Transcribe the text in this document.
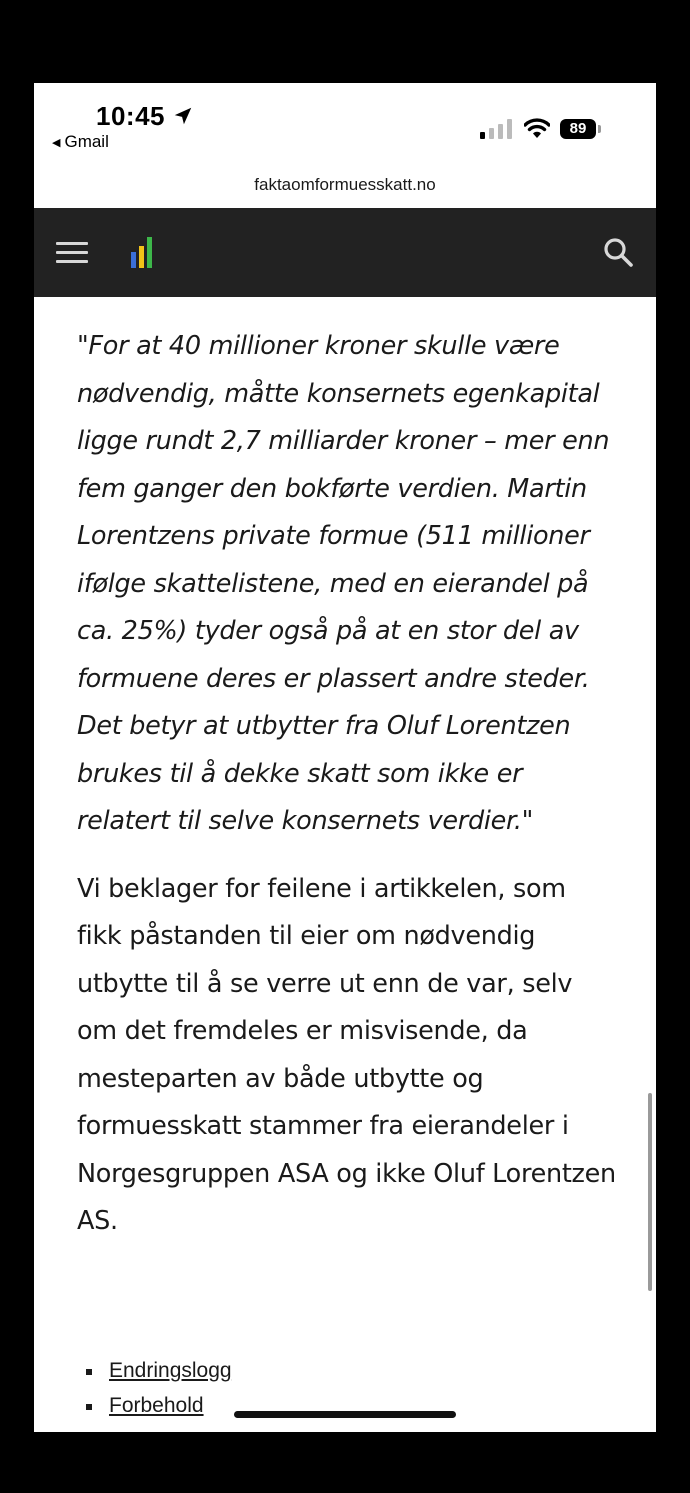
10:45
◀ Gmail
89
faktaomformuesskatt.no

"For at 40 millioner kroner skulle være nødvendig, måtte konsernets egenkapital ligge rundt 2,7 milliarder kroner – mer enn fem ganger den bokførte verdien. Martin Lorentzens private formue (511 millioner ifølge skattelistene, med en eierandel på ca. 25%) tyder også på at en stor del av formuene deres er plassert andre steder. Det betyr at utbytter fra Oluf Lorentzen brukes til å dekke skatt som ikke er relatert til selve konsernets verdier."

Vi beklager for feilene i artikkelen, som fikk påstanden til eier om nødvendig utbytte til å se verre ut enn de var, selv om det fremdeles er misvisende, da mesteparten av både utbytte og formuesskatt stammer fra eierandeler i Norgesgruppen ASA og ikke Oluf Lorentzen AS.

Endringslogg
Forbehold
